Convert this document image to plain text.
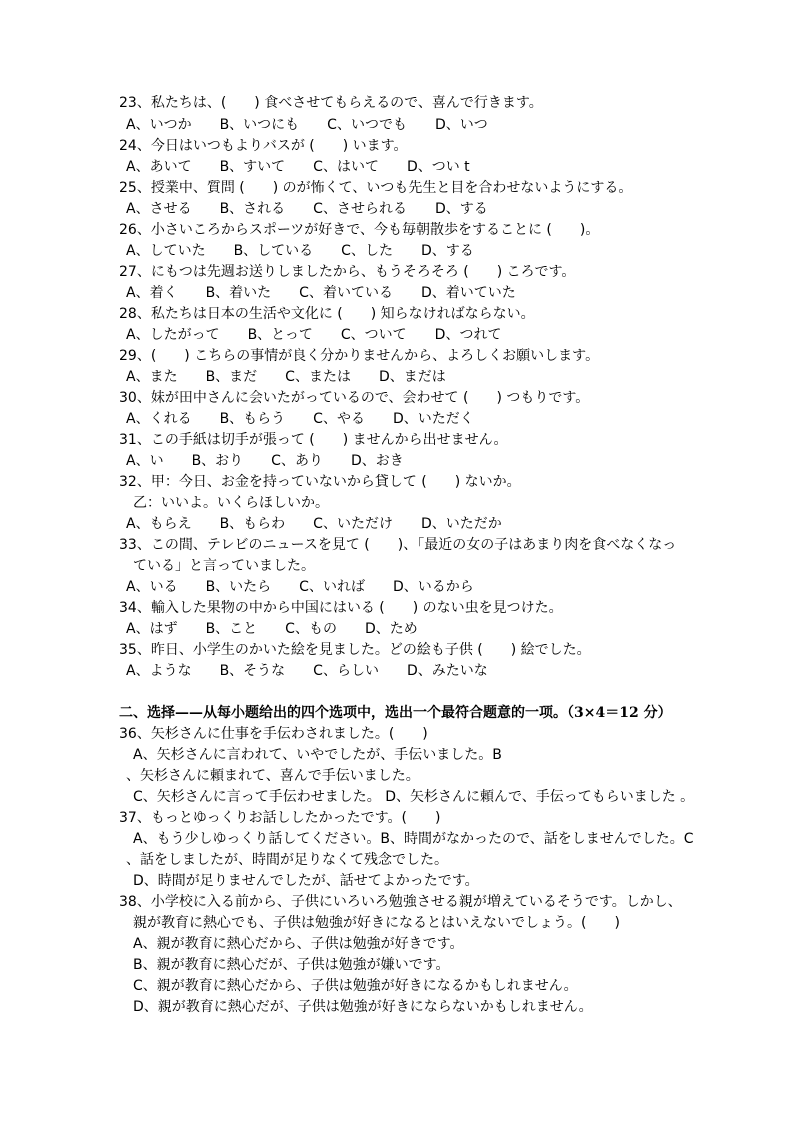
23、私たちは、(　　) 食べさせてもらえるので、喜んで行きます。
A、いつか　　B、いつにも　　C、いつでも　　D、いつ
24、今日はいつもよりバスが (　　) います。
A、あいて　　B、すいて　　C、はいて　　D、つい t
25、授業中、質問 (　　) のが怖くて、いつも先生と目を合わせないようにする。
A、させる　　B、される　　C、させられる　　D、する
26、小さいころからスポーツが好きで、今も毎朝散歩をすることに (　　)。
A、していた　　B、している　　C、した　　D、する
27、にもつは先週お送りしましたから、もうそろそろ (　　) ころです。
A、着く　　B、着いた　　C、着いている　　D、着いていた
28、私たちは日本の生活や文化に (　　) 知らなければならない。
A、したがって　　B、とって　　C、ついて　　D、つれて
29、(　　) こちらの事情が良く分かりませんから、よろしくお願いします。
A、また　　B、まだ　　C、または　　D、まだは
30、妹が田中さんに会いたがっているので、会わせて (　　) つもりです。
A、くれる　　B、もらう　　C、やる　　D、いただく
31、この手紙は切手が張って (　　) ませんから出せません。
A、い　　B、おり　　C、あり　　D、おき
32、甲：今日、お金を持っていないから貸して (　　) ないか。
乙：いいよ。いくらほしいか。
A、もらえ　　B、もらわ　　C、いただけ　　D、いただか
33、この間、テレビのニュースを見て (　　)、「最近の女の子はあまり肉を食べなくなっ
ている」と言っていました。
A、いる　　B、いたら　　C、いれば　　D、いるから
34、輸入した果物の中から中国にはいる (　　) のない虫を見つけた。
A、はず　　B、こと　　C、もの　　D、ため
35、昨日、小学生のかいた絵を見ました。どの絵も子供 (　　) 絵でした。
A、ような　　B、そうな　　C、らしい　　D、みたいな
二、选择——从每小题给出的四个选项中，选出一个最符合题意的一项。（3×4＝12 分）
36、矢杉さんに仕事を手伝わされました。(　　)
A、矢杉さんに言われて、いやでしたが、手伝いました。B
、矢杉さんに頼まれて、喜んで手伝いました。
C、矢杉さんに言って手伝わせました。 D、矢杉さんに頼んで、手伝ってもらいました 。
37、もっとゆっくりお話ししたかったです。(　　)
A、もう少しゆっくり話してください。B、時間がなかったので、話をしませんでした。C
、話をしましたが、時間が足りなくて残念でした。
D、時間が足りませんでしたが、話せてよかったです。
38、小学校に入る前から、子供にいろいろ勉強させる親が増えているそうです。しかし、
親が教育に熱心でも、子供は勉強が好きになるとはいえないでしょう。(　　)
A、親が教育に熱心だから、子供は勉強が好きです。
B、親が教育に熱心だが、子供は勉強が嫌いです。
C、親が教育に熱心だから、子供は勉強が好きになるかもしれません。
D、親が教育に熱心だが、子供は勉強が好きにならないかもしれません。
